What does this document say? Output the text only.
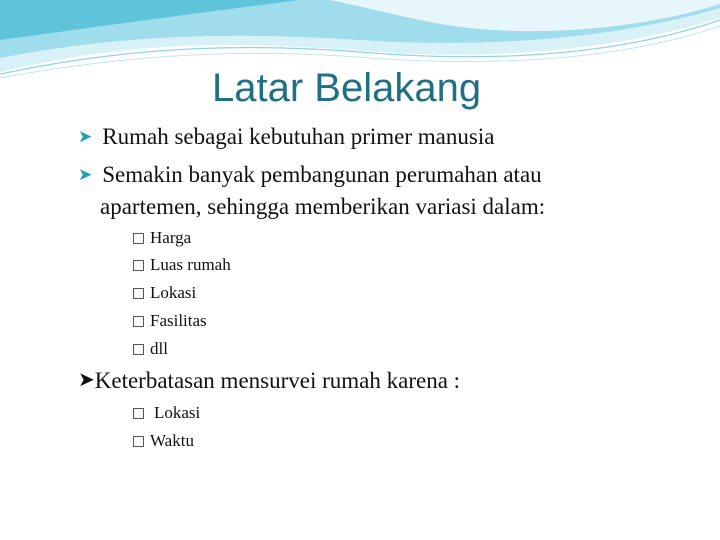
Latar Belakang
➤ Rumah sebagai kebutuhan primer manusia
➤ Semakin banyak pembangunan perumahan atau
apartemen, sehingga memberikan variasi dalam:
Harga
Luas rumah
Lokasi
Fasilitas
dll
➤Keterbatasan mensurvei rumah karena :
Lokasi
Waktu
